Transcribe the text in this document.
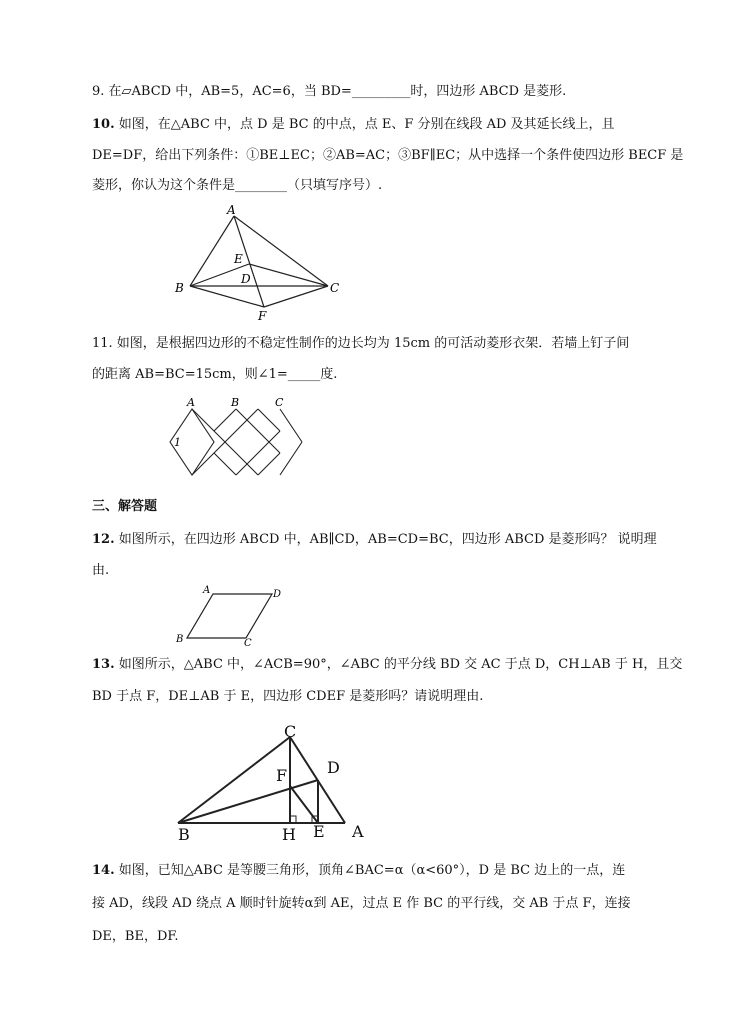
9. 在▱ABCD 中，AB=5，AC=6，当 BD=_________时，四边形 ABCD 是菱形.
10. 如图，在△ABC 中，点 D 是 BC 的中点，点 E、F 分别在线段 AD 及其延长线上，且
DE=DF，给出下列条件：①BE⊥EC；②AB=AC；③BF∥EC；从中选择一个条件使四边形 BECF 是
菱形，你认为这个条件是________（只填写序号）.
A
B	C
D
E
F
11. 如图，是根据四边形的不稳定性制作的边长均为 15cm 的可活动菱形衣架．若墙上钉子间
的距离 AB=BC=15cm，则∠1=_____度.
A	B	C
1
三、解答题
12. 如图所示，在四边形 ABCD 中，AB∥CD，AB=CD=BC，四边形 ABCD 是菱形吗？ 说明理
由.
A	D
B	C
13. 如图所示，△ABC 中，∠ACB=90°，∠ABC 的平分线 BD 交 AC 于点 D，CH⊥AB 于 H，且交
BD 于点 F，DE⊥AB 于 E，四边形 CDEF 是菱形吗？请说明理由.
C
D
F
B	H E A
14. 如图，已知△ABC 是等腰三角形，顶角∠BAC=α（α<60°），D 是 BC 边上的一点，连
接 AD，线段 AD 绕点 A 顺时针旋转α到 AE，过点 E 作 BC 的平行线，交 AB 于点 F，连接
DE，BE，DF.
